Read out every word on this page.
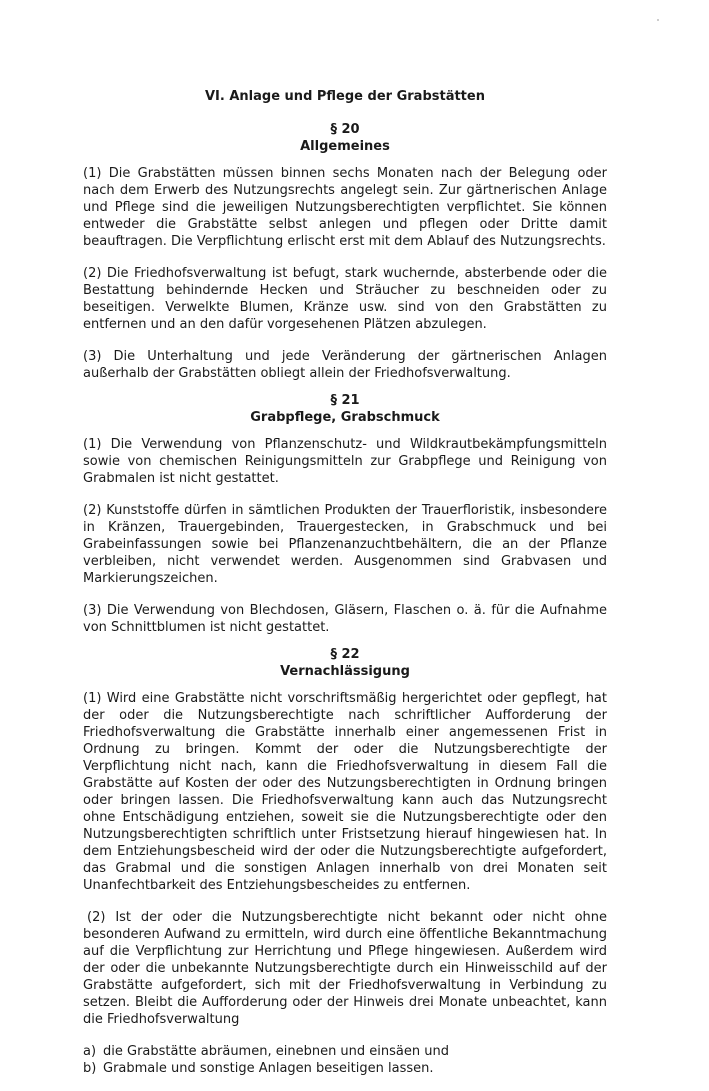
VI. Anlage und Pflege der Grabstätten
§ 20
Allgemeines

(1) Die Grabstätten müssen binnen sechs Monaten nach der Belegung oder nach dem Erwerb des Nutzungsrechts angelegt sein. Zur gärtnerischen Anlage und Pflege sind die jeweiligen Nutzungsberechtigten verpflichtet. Sie können entweder die Grabstätte selbst anlegen und pflegen oder Dritte damit beauftragen. Die Verpflichtung erlischt erst mit dem Ablauf des Nutzungsrechts.

(2) Die Friedhofsverwaltung ist befugt, stark wuchernde, absterbende oder die Bestattung behindernde Hecken und Sträucher zu beschneiden oder zu beseitigen. Verwelkte Blumen, Kränze usw. sind von den Grabstätten zu entfernen und an den dafür vorgesehenen Plätzen abzulegen.

(3) Die Unterhaltung und jede Veränderung der gärtnerischen Anlagen außerhalb der Grabstätten obliegt allein der Friedhofsverwaltung.

§ 21
Grabpflege, Grabschmuck

(1) Die Verwendung von Pflanzenschutz- und Wildkrautbekämpfungsmitteln sowie von chemischen Reinigungsmitteln zur Grabpflege und Reinigung von Grabmalen ist nicht gestattet.

(2) Kunststoffe dürfen in sämtlichen Produkten der Trauerfloristik, insbesondere in Kränzen, Trauergebinden, Trauergestecken, in Grabschmuck und bei Grabeinfassungen sowie bei Pflanzenanzuchtbehältern, die an der Pflanze verbleiben, nicht verwendet werden. Ausgenommen sind Grabvasen und Markierungszeichen.

(3) Die Verwendung von Blechdosen, Gläsern, Flaschen o. ä. für die Aufnahme von Schnittblumen ist nicht gestattet.

§ 22
Vernachlässigung

(1) Wird eine Grabstätte nicht vorschriftsmäßig hergerichtet oder gepflegt, hat der oder die Nutzungsberechtigte nach schriftlicher Aufforderung der Friedhofsverwaltung die Grabstätte innerhalb einer angemessenen Frist in Ordnung zu bringen. Kommt der oder die Nutzungsberechtigte der Verpflichtung nicht nach, kann die Friedhofsverwaltung in diesem Fall die Grabstätte auf Kosten der oder des Nutzungsberechtigten in Ordnung bringen oder bringen lassen. Die Friedhofsverwaltung kann auch das Nutzungsrecht ohne Entschädigung entziehen, soweit sie die Nutzungsberechtigte oder den Nutzungsberechtigten schriftlich unter Fristsetzung hierauf hingewiesen hat. In dem Entziehungsbescheid wird der oder die Nutzungsberechtigte aufgefordert, das Grabmal und die sonstigen Anlagen innerhalb von drei Monaten seit Unanfechtbarkeit des Entziehungsbescheides zu entfernen.

(2) Ist der oder die Nutzungsberechtigte nicht bekannt oder nicht ohne besonderen Aufwand zu ermitteln, wird durch eine öffentliche Bekanntmachung auf die Verpflichtung zur Herrichtung und Pflege hingewiesen. Außerdem wird der oder die unbekannte Nutzungsberechtigte durch ein Hinweisschild auf der Grabstätte aufgefordert, sich mit der Friedhofsverwaltung in Verbindung zu setzen. Bleibt die Aufforderung oder der Hinweis drei Monate unbeachtet, kann die Friedhofsverwaltung

a) die Grabstätte abräumen, einebnen und einsäen und
b) Grabmale und sonstige Anlagen beseitigen lassen.
